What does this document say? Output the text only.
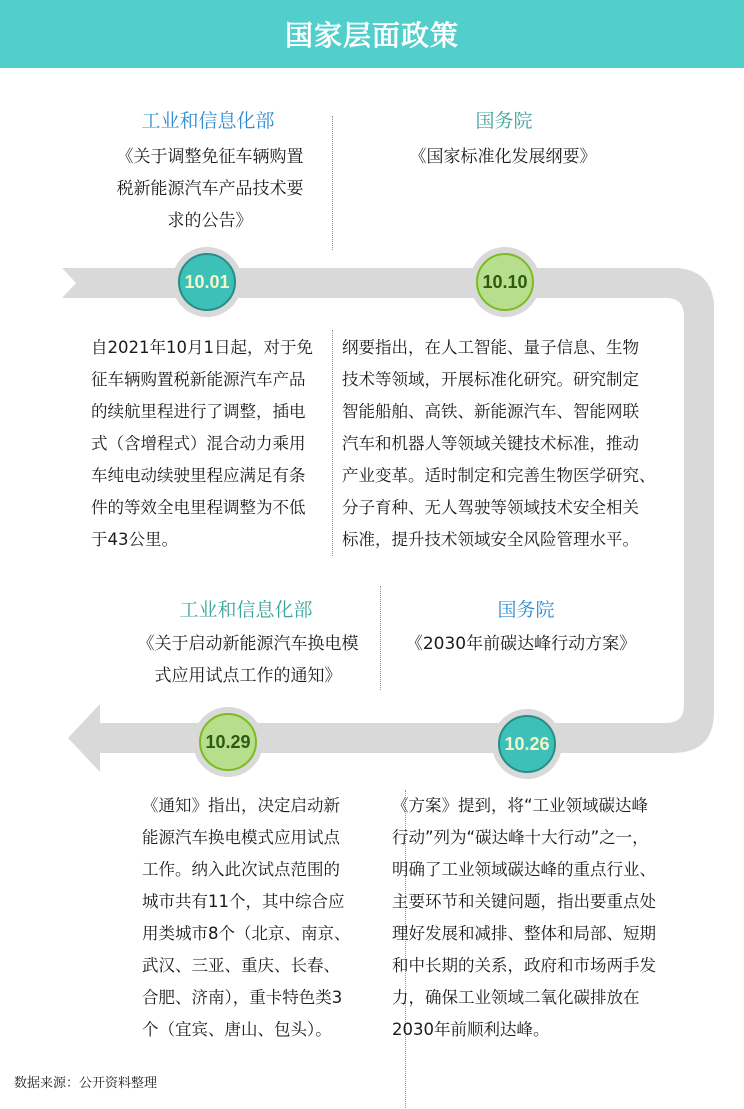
国家层面政策
工业和信息化部
《关于调整免征车辆购置
税新能源汽车产品技术要
求的公告》
10.01
自2021年10月1日起，对于免
征车辆购置税新能源汽车产品
的续航里程进行了调整，插电
式（含增程式）混合动力乘用
车纯电动续驶里程应满足有条
件的等效全电里程调整为不低
于43公里。
国务院
《国家标准化发展纲要》
10.10
纲要指出，在人工智能、量子信息、生物
技术等领域，开展标准化研究。研究制定
智能船舶、高铁、新能源汽车、智能网联
汽车和机器人等领域关键技术标准，推动
产业变革。适时制定和完善生物医学研究、
分子育种、无人驾驶等领域技术安全相关
标准，提升技术领域安全风险管理水平。
工业和信息化部
《关于启动新能源汽车换电模
式应用试点工作的通知》
10.29
《通知》指出，决定启动新
能源汽车换电模式应用试点
工作。纳入此次试点范围的
城市共有11个，其中综合应
用类城市8个（北京、南京、
武汉、三亚、重庆、长春、
合肥、济南），重卡特色类3
个（宜宾、唐山、包头）。
国务院
《2030年前碳达峰行动方案》
10.26
《方案》提到，将“工业领域碳达峰
行动”列为“碳达峰十大行动”之一，
明确了工业领域碳达峰的重点行业、
主要环节和关键问题，指出要重点处
理好发展和减排、整体和局部、短期
和中长期的关系，政府和市场两手发
力，确保工业领域二氧化碳排放在
2030年前顺利达峰。
数据来源：公开资料整理
